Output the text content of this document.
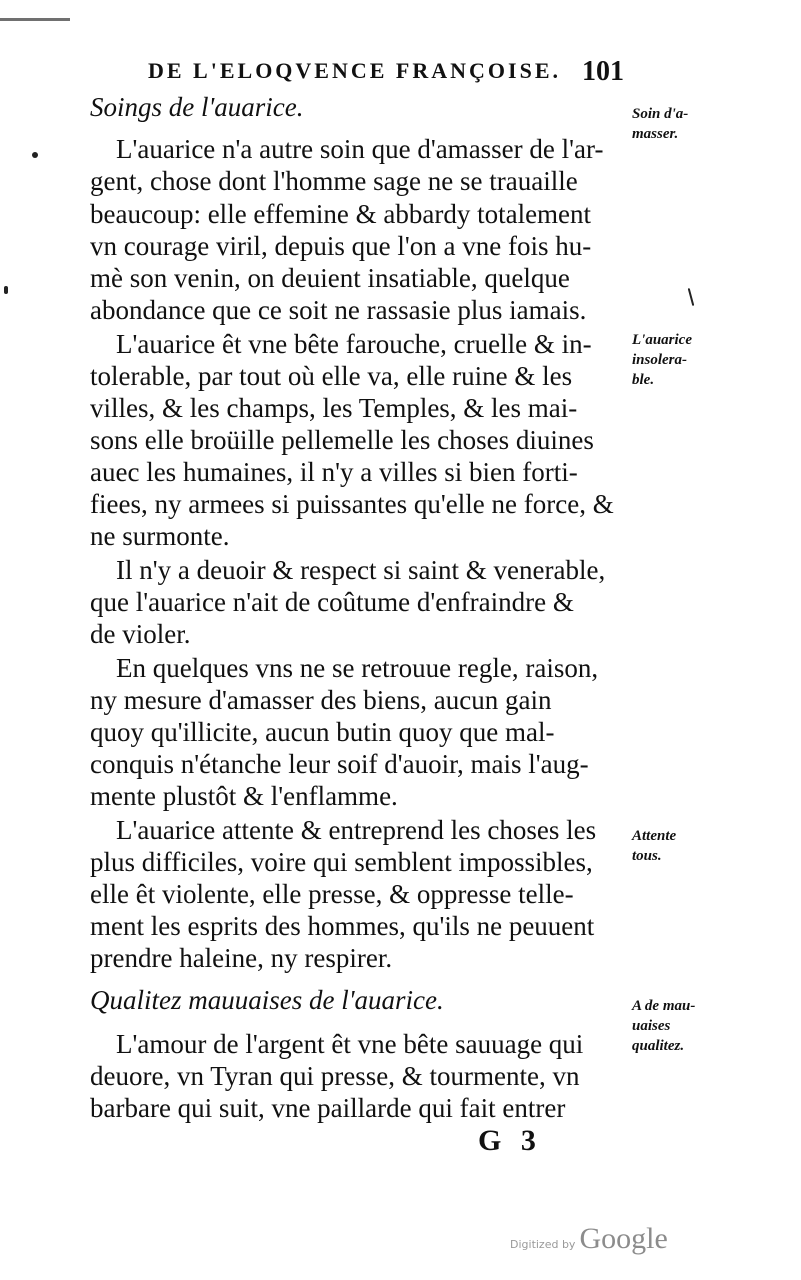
DE L'ELOQVENCE FRANÇOISE. 101
Soings de l'auarice.
L'auarice n'a autre soin que d'amasser de l'ar-
gent, chose dont l'homme sage ne se trauaille
beaucoup: elle effemine & abbardy totalement
vn courage viril, depuis que l'on a vne fois hu-
mè son venin, on deuient insatiable, quelque
abondance que ce soit ne rassasie plus iamais.
L'auarice êt vne bête farouche, cruelle & in-
tolerable, par tout où elle va, elle ruine & les
villes, & les champs, les Temples, & les mai-
sons elle broüille pellemelle les choses diuines
auec les humaines, il n'y a villes si bien forti-
fiees, ny armees si puissantes qu'elle ne force, &
ne surmonte.
Il n'y a deuoir & respect si saint & venerable,
que l'auarice n'ait de coûtume d'enfraindre &
de violer.
En quelques vns ne se retrouue regle, raison,
ny mesure d'amasser des biens, aucun gain
quoy qu'illicite, aucun butin quoy que mal-
conquis n'étanche leur soif d'auoir, mais l'aug-
mente plustôt & l'enflamme.
L'auarice attente & entreprend les choses les
plus difficiles, voire qui semblent impossibles,
elle êt violente, elle presse, & oppresse telle-
ment les esprits des hommes, qu'ils ne peuuent
prendre haleine, ny respirer.
Qualitez mauuaises de l'auarice.
L'amour de l'argent êt vne bête sauuage qui
deuore, vn Tyran qui presse, & tourmente, vn
barbare qui suit, vne paillarde qui fait entrer
Soin d'a-
masser.
L'auarice
insolera-
ble.
Attente
tous.
A de mau-
uaises
qualitez.
G 3
Digitized by Google
